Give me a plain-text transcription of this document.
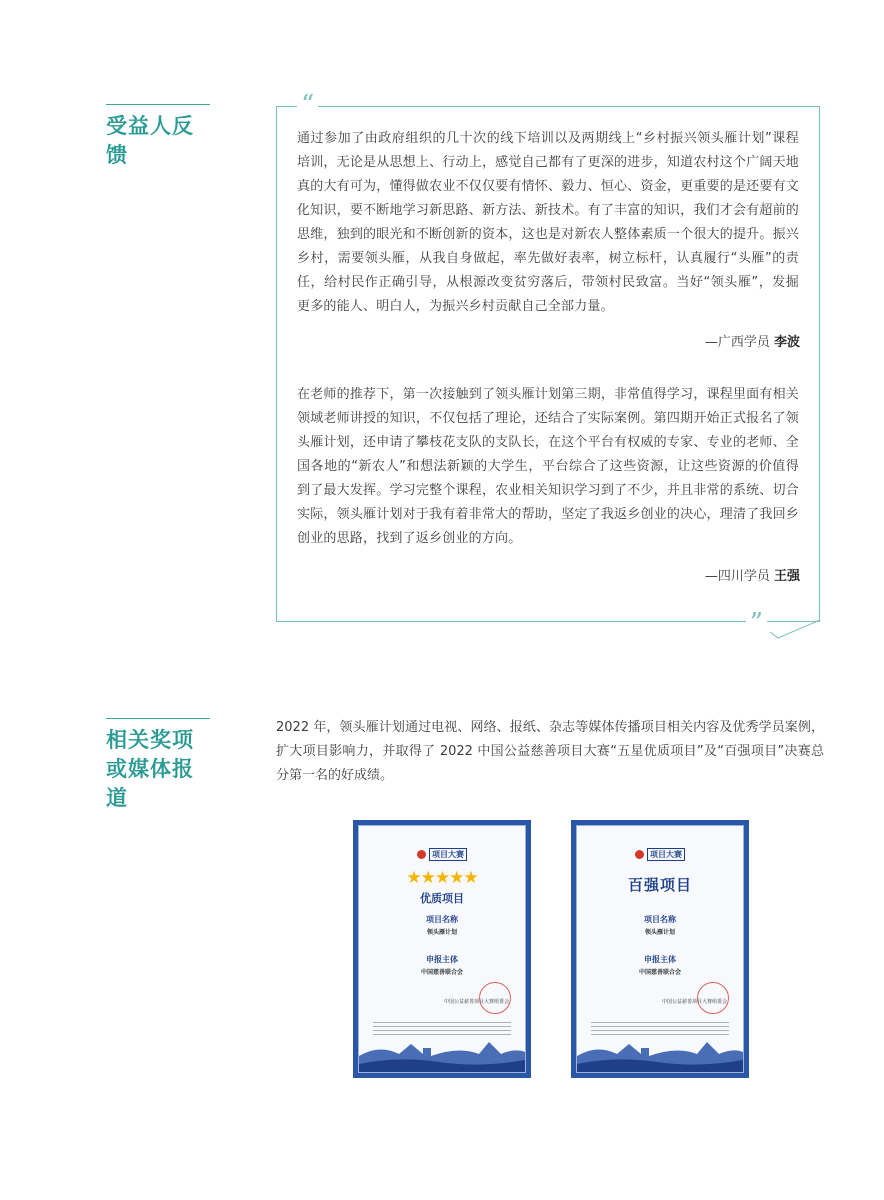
受益人反馈
“
”
通过参加了由政府组织的几十次的线下培训以及两期线上“乡村振兴领头雁计划”课程培训，无论是从思想上、行动上，感觉自己都有了更深的进步，知道农村这个广阔天地真的大有可为，懂得做农业不仅仅要有情怀、毅力、恒心、资金，更重要的是还要有文化知识，要不断地学习新思路、新方法、新技术。有了丰富的知识，我们才会有超前的思维，独到的眼光和不断创新的资本，这也是对新农人整体素质一个很大的提升。振兴乡村，需要领头雁，从我自身做起，率先做好表率，树立标杆，认真履行“头雁”的责任，给村民作正确引导，从根源改变贫穷落后，带领村民致富。当好“领头雁”，发掘更多的能人、明白人，为振兴乡村贡献自己全部力量。
—广西学员 李波
在老师的推荐下，第一次接触到了领头雁计划第三期，非常值得学习，课程里面有相关领域老师讲授的知识，不仅包括了理论，还结合了实际案例。第四期开始正式报名了领头雁计划，还申请了攀枝花支队的支队长，在这个平台有权威的专家、专业的老师、全国各地的“新农人”和想法新颖的大学生，平台综合了这些资源，让这些资源的价值得到了最大发挥。学习完整个课程，农业相关知识学习到了不少，并且非常的系统、切合实际，领头雁计划对于我有着非常大的帮助，坚定了我返乡创业的决心，理清了我回乡创业的思路，找到了返乡创业的方向。
—四川学员 王强
相关奖项或媒体报道
2022 年，领头雁计划通过电视、网络、报纸、杂志等媒体传播项目相关内容及优秀学员案例，扩大项目影响力，并取得了 2022 中国公益慈善项目大赛“五星优质项目”及“百强项目”决赛总分第一名的好成绩。
项目大赛
★★★★★
优质项目
项目名称
领头雁计划
申报主体
中国慈善联合会
中国公益慈善项目大赛组委会
项目大赛
百强项目
项目名称
领头雁计划
申报主体
中国慈善联合会
中国公益慈善项目大赛组委会
